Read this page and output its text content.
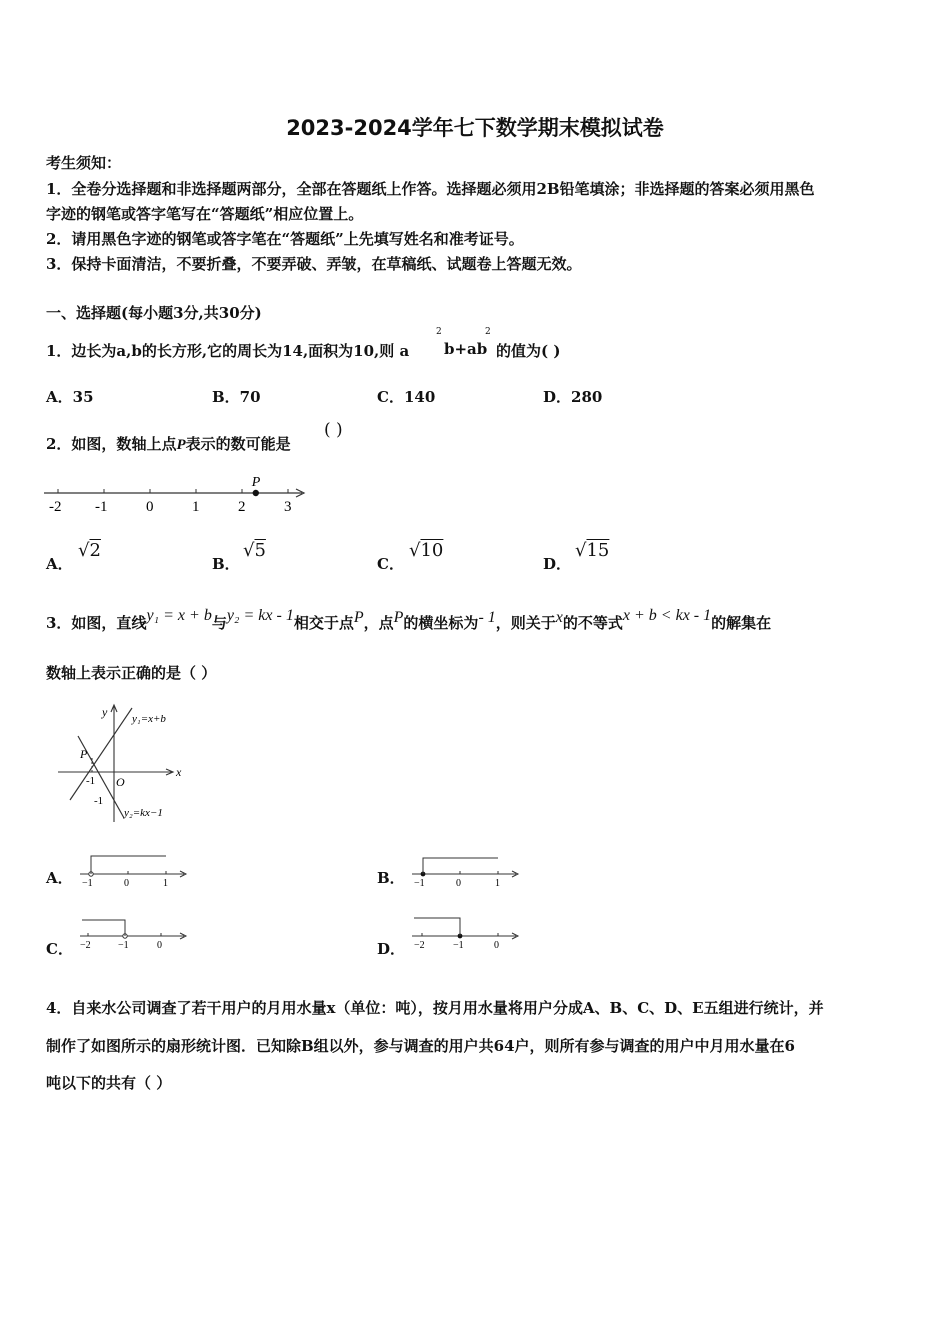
2023-2024学年七下数学期末模拟试卷
考生须知：
1．全卷分选择题和非选择题两部分，全部在答题纸上作答。选择题必须用2B铅笔填涂；非选择题的答案必须用黑色
字迹的钢笔或答字笔写在“答题纸”相应位置上。
2．请用黑色字迹的钢笔或答字笔在“答题纸”上先填写姓名和准考证号。
3．保持卡面清洁，不要折叠，不要弄破、弄皱，在草稿纸、试题卷上答题无效。
一、选择题(每小题3分,共30分)
1．边长为a,b的长方形,它的周长为14,面积为10,则 a
2
b+ab
2
的值为( )
A．35	B．70	C．140	D．280
2．如图，数轴上点P表示的数可能是
( )
-2 -1	0	1	2	3
P
A．
√2
B．
√5
C．
√10
D．
√15
3．如图，直线y₁ = x + b与y₂ = kx - 1相交于点P，点P的横坐标为- 1，则关于x的不等式x + b < kx - 1的解集在
数轴上表示正确的是（ ）
y
x
y₁=x+b
y₂=kx−1
P
O
-1
-1
A． −1	0	1	B． −1	0	1
C． −2	−1	0	D． −2	−1	0
4．自来水公司调查了若干用户的月用水量x（单位：吨），按月用水量将用户分成A、B、C、D、E五组进行统计，并
制作了如图所示的扇形统计图．已知除B组以外，参与调查的用户共64户，则所有参与调查的用户中月用水量在6
吨以下的共有（ ）
